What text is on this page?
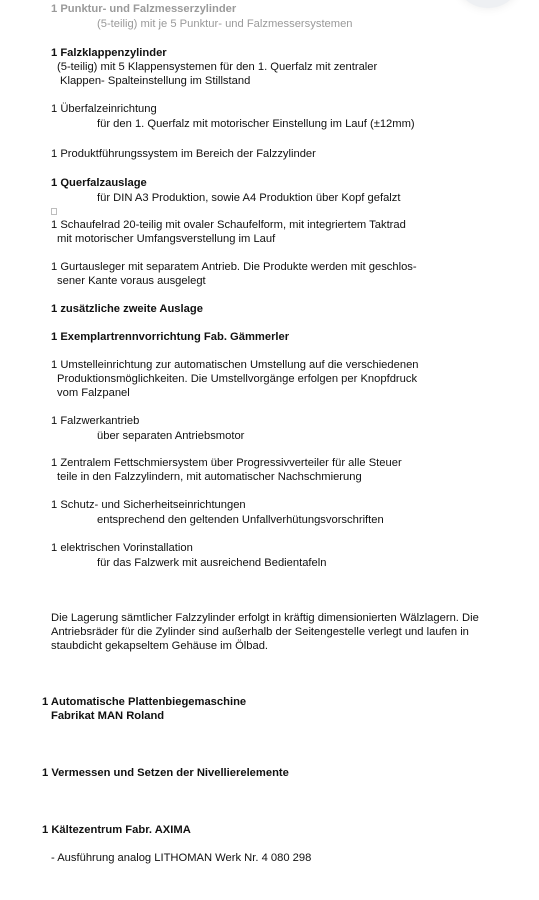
1 Punktur- und Falzmesserzylinder
(5-teilig) mit je 5 Punktur- und Falzmessersystemen
1 Falzklappenzylinder
(5-teilig) mit 5 Klappensystemen für den 1. Querfalz mit zentraler
Klappen- Spalteinstellung im Stillstand
1 Überfalzeinrichtung
für den 1. Querfalz mit motorischer Einstellung im Lauf (±12mm)
1 Produktführungssystem im Bereich der Falzzylinder
1 Querfalzauslage
für DIN A3 Produktion, sowie A4 Produktion über Kopf gefalzt
1 Schaufelrad 20-teilig mit ovaler Schaufelform, mit integriertem Taktrad
mit motorischer Umfangsverstellung im Lauf
1 Gurtausleger mit separatem Antrieb. Die Produkte werden mit geschlos-
sener Kante voraus ausgelegt
1 zusätzliche zweite Auslage
1 Exemplartrennvorrichtung Fab. Gämmerler
1 Umstelleinrichtung zur automatischen Umstellung auf die verschiedenen
Produktionsmöglichkeiten. Die Umstellvorgänge erfolgen per Knopfdruck
vom Falzpanel
1 Falzwerkantrieb
über separaten Antriebsmotor
1 Zentralem Fettschmiersystem über Progressivverteiler für alle Steuer
teile in den Falzzylindern, mit automatischer Nachschmierung
1 Schutz- und Sicherheitseinrichtungen
entsprechend den geltenden Unfallverhütungsvorschriften
1 elektrischen Vorinstallation
für das Falzwerk mit ausreichend Bedientafeln
Die Lagerung sämtlicher Falzzylinder erfolgt in kräftig dimensionierten Wälzlagern. Die
Antriebsräder für die Zylinder sind außerhalb der Seitengestelle verlegt und laufen in
staubdicht gekapseltem Gehäuse im Ölbad.
1 Automatische Plattenbiegemaschine
Fabrikat MAN Roland
1 Vermessen und Setzen der Nivellierelemente
1 Kältezentrum Fabr. AXIMA
- Ausführung analog LITHOMAN Werk Nr. 4 080 298
